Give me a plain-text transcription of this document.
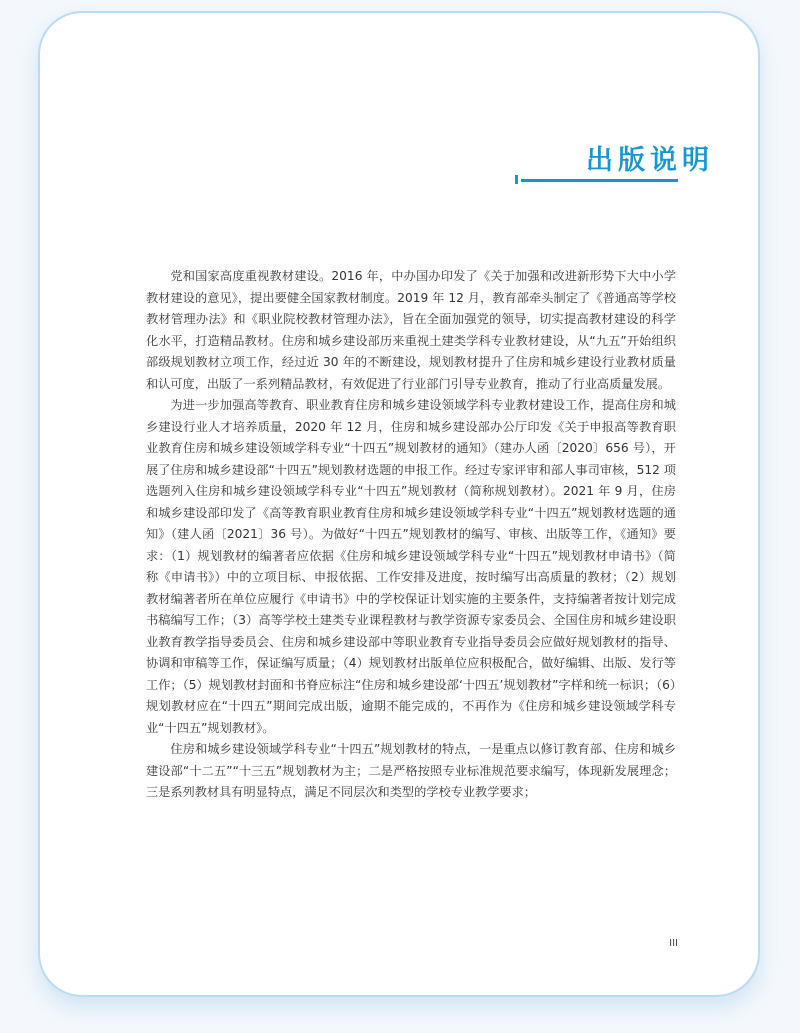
出版说明

党和国家高度重视教材建设。2016 年，中办国办印发了《关于加强和改进新形势下大中小学教材建设的意见》，提出要健全国家教材制度。2019 年 12 月，教育部牵头制定了《普通高等学校教材管理办法》和《职业院校教材管理办法》，旨在全面加强党的领导，切实提高教材建设的科学化水平，打造精品教材。住房和城乡建设部历来重视土建类学科专业教材建设，从“九五”开始组织部级规划教材立项工作，经过近 30 年的不断建设，规划教材提升了住房和城乡建设行业教材质量和认可度，出版了一系列精品教材，有效促进了行业部门引导专业教育，推动了行业高质量发展。

为进一步加强高等教育、职业教育住房和城乡建设领域学科专业教材建设工作，提高住房和城乡建设行业人才培养质量，2020 年 12 月，住房和城乡建设部办公厅印发《关于申报高等教育职业教育住房和城乡建设领域学科专业“十四五”规划教材的通知》（建办人函〔2020〕656 号），开展了住房和城乡建设部“十四五”规划教材选题的申报工作。经过专家评审和部人事司审核，512 项选题列入住房和城乡建设领域学科专业“十四五”规划教材（简称规划教材）。2021 年 9 月，住房和城乡建设部印发了《高等教育职业教育住房和城乡建设领域学科专业“十四五”规划教材选题的通知》（建人函〔2021〕36 号）。为做好“十四五”规划教材的编写、审核、出版等工作，《通知》要求：（1）规划教材的编著者应依据《住房和城乡建设领域学科专业“十四五”规划教材申请书》（简称《申请书》）中的立项目标、申报依据、工作安排及进度，按时编写出高质量的教材；（2）规划教材编著者所在单位应履行《申请书》中的学校保证计划实施的主要条件，支持编著者按计划完成书稿编写工作；（3）高等学校土建类专业课程教材与教学资源专家委员会、全国住房和城乡建设职业教育教学指导委员会、住房和城乡建设部中等职业教育专业指导委员会应做好规划教材的指导、协调和审稿等工作，保证编写质量；（4）规划教材出版单位应积极配合，做好编辑、出版、发行等工作；（5）规划教材封面和书脊应标注“住房和城乡建设部‘十四五’规划教材”字样和统一标识；（6）规划教材应在“十四五”期间完成出版，逾期不能完成的，不再作为《住房和城乡建设领域学科专业“十四五”规划教材》。

住房和城乡建设领域学科专业“十四五”规划教材的特点，一是重点以修订教育部、住房和城乡建设部“十二五”“十三五”规划教材为主；二是严格按照专业标准规范要求编写，体现新发展理念；三是系列教材具有明显特点，满足不同层次和类型的学校专业教学要求；

III
